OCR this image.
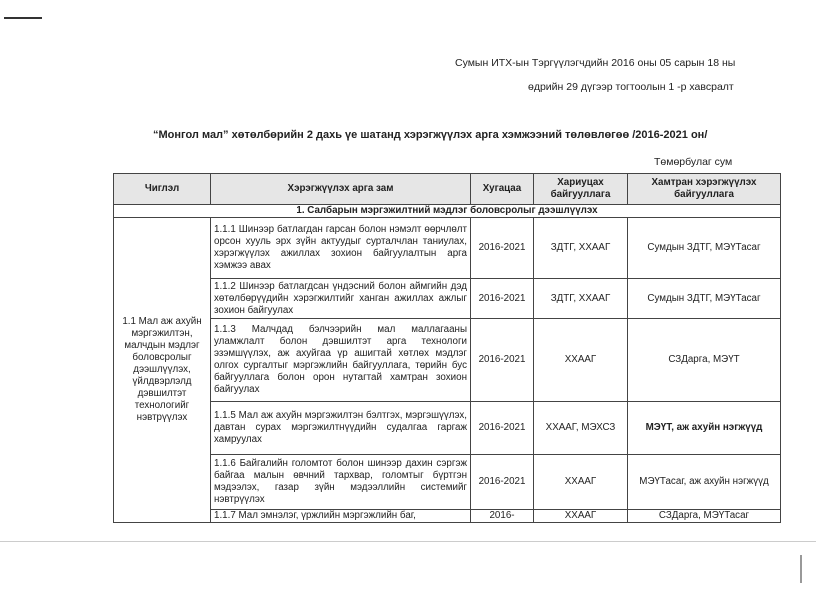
Сумын ИТХ-ын Тэргүүлэгчдийн 2016 оны 05 сарын 18 ны
өдрийн 29 дүгээр тогтоолын 1 -р хавсралт
“Монгол мал” хөтөлбөрийн 2 дахь үе шатанд хэрэгжүүлэх арга хэмжээний төлөвлөгөө /2016-2021 он/
Төмөрбулаг сум
Чиглэл	Хэрэгжүүлэх арга зам	Хугацаа	Хариуцах байгууллага	Хамтран хэрэгжүүлэх байгууллага
1. Салбарын мэргэжилтний мэдлэг боловсролыг дээшлүүлэх				
1.1 Мал аж ахуйн мэргэжилтэн, малчдын мэдлэг боловсролыг дээшлүүлэх, үйлдвэрлэлд дэвшилтэт технологийг нэвтрүүлэх	1.1.1 Шинээр батлагдан гарсан болон нэмэлт өөрчлөлт орсон хууль эрх зүйн актуудыг сурталчлан таниулах, хэрэгжүүлэх ажиллах зохион байгуулалтын арга хэмжээ авах	2016-2021	ЗДТГ, ХХААГ	Сумдын ЗДТГ, МЭҮТасаг
	1.1.2 Шинээр батлагдсан үндэсний болон аймгийн дэд хөтөлбөрүүдийн хэрэгжилтийг ханган ажиллах ажлыг зохион байгуулах	2016-2021	ЗДТГ, ХХААГ	Сумдын ЗДТГ, МЭҮТасаг
	1.1.3 Малчдад бэлчээрийн мал маллагааны уламжлалт болон дэвшилтэт арга технологи эзэмшүүлэх, аж ахуйгаа үр ашигтай хөтлөх мэдлэг олгох сургалтыг мэргэжлийн байгууллага, төрийн бус байгууллага болон орон нутагтай хамтран зохион байгуулах	2016-2021	ХХААГ	СЗДарга, МЭҮТ
	1.1.5 Мал аж ахуйн мэргэжилтэн бэлтгэх, мэргэшүүлэх, давтан сурах мэргэжилтнүүдийн судалгаа гаргаж хамруулах	2016-2021	ХХААГ, МЭХСЗ	МЭҮТ, аж ахуйн нэгжүүд
	1.1.6 Байгалийн голомтот болон шинээр дахин сэргэж байгаа малын өвчний тархвар, голомтыг бүртгэн мэдээлэх, газар зүйн мэдээллийн системийг нэвтрүүлэх	2016-2021	ХХААГ	МЭҮТасаг, аж ахуйн нэгжүүд
	1.1.7 Мал эмнэлэг, үржлийн мэргэжлийн баг,	2016-	ХХААГ	СЗДарга, МЭҮТасаг
